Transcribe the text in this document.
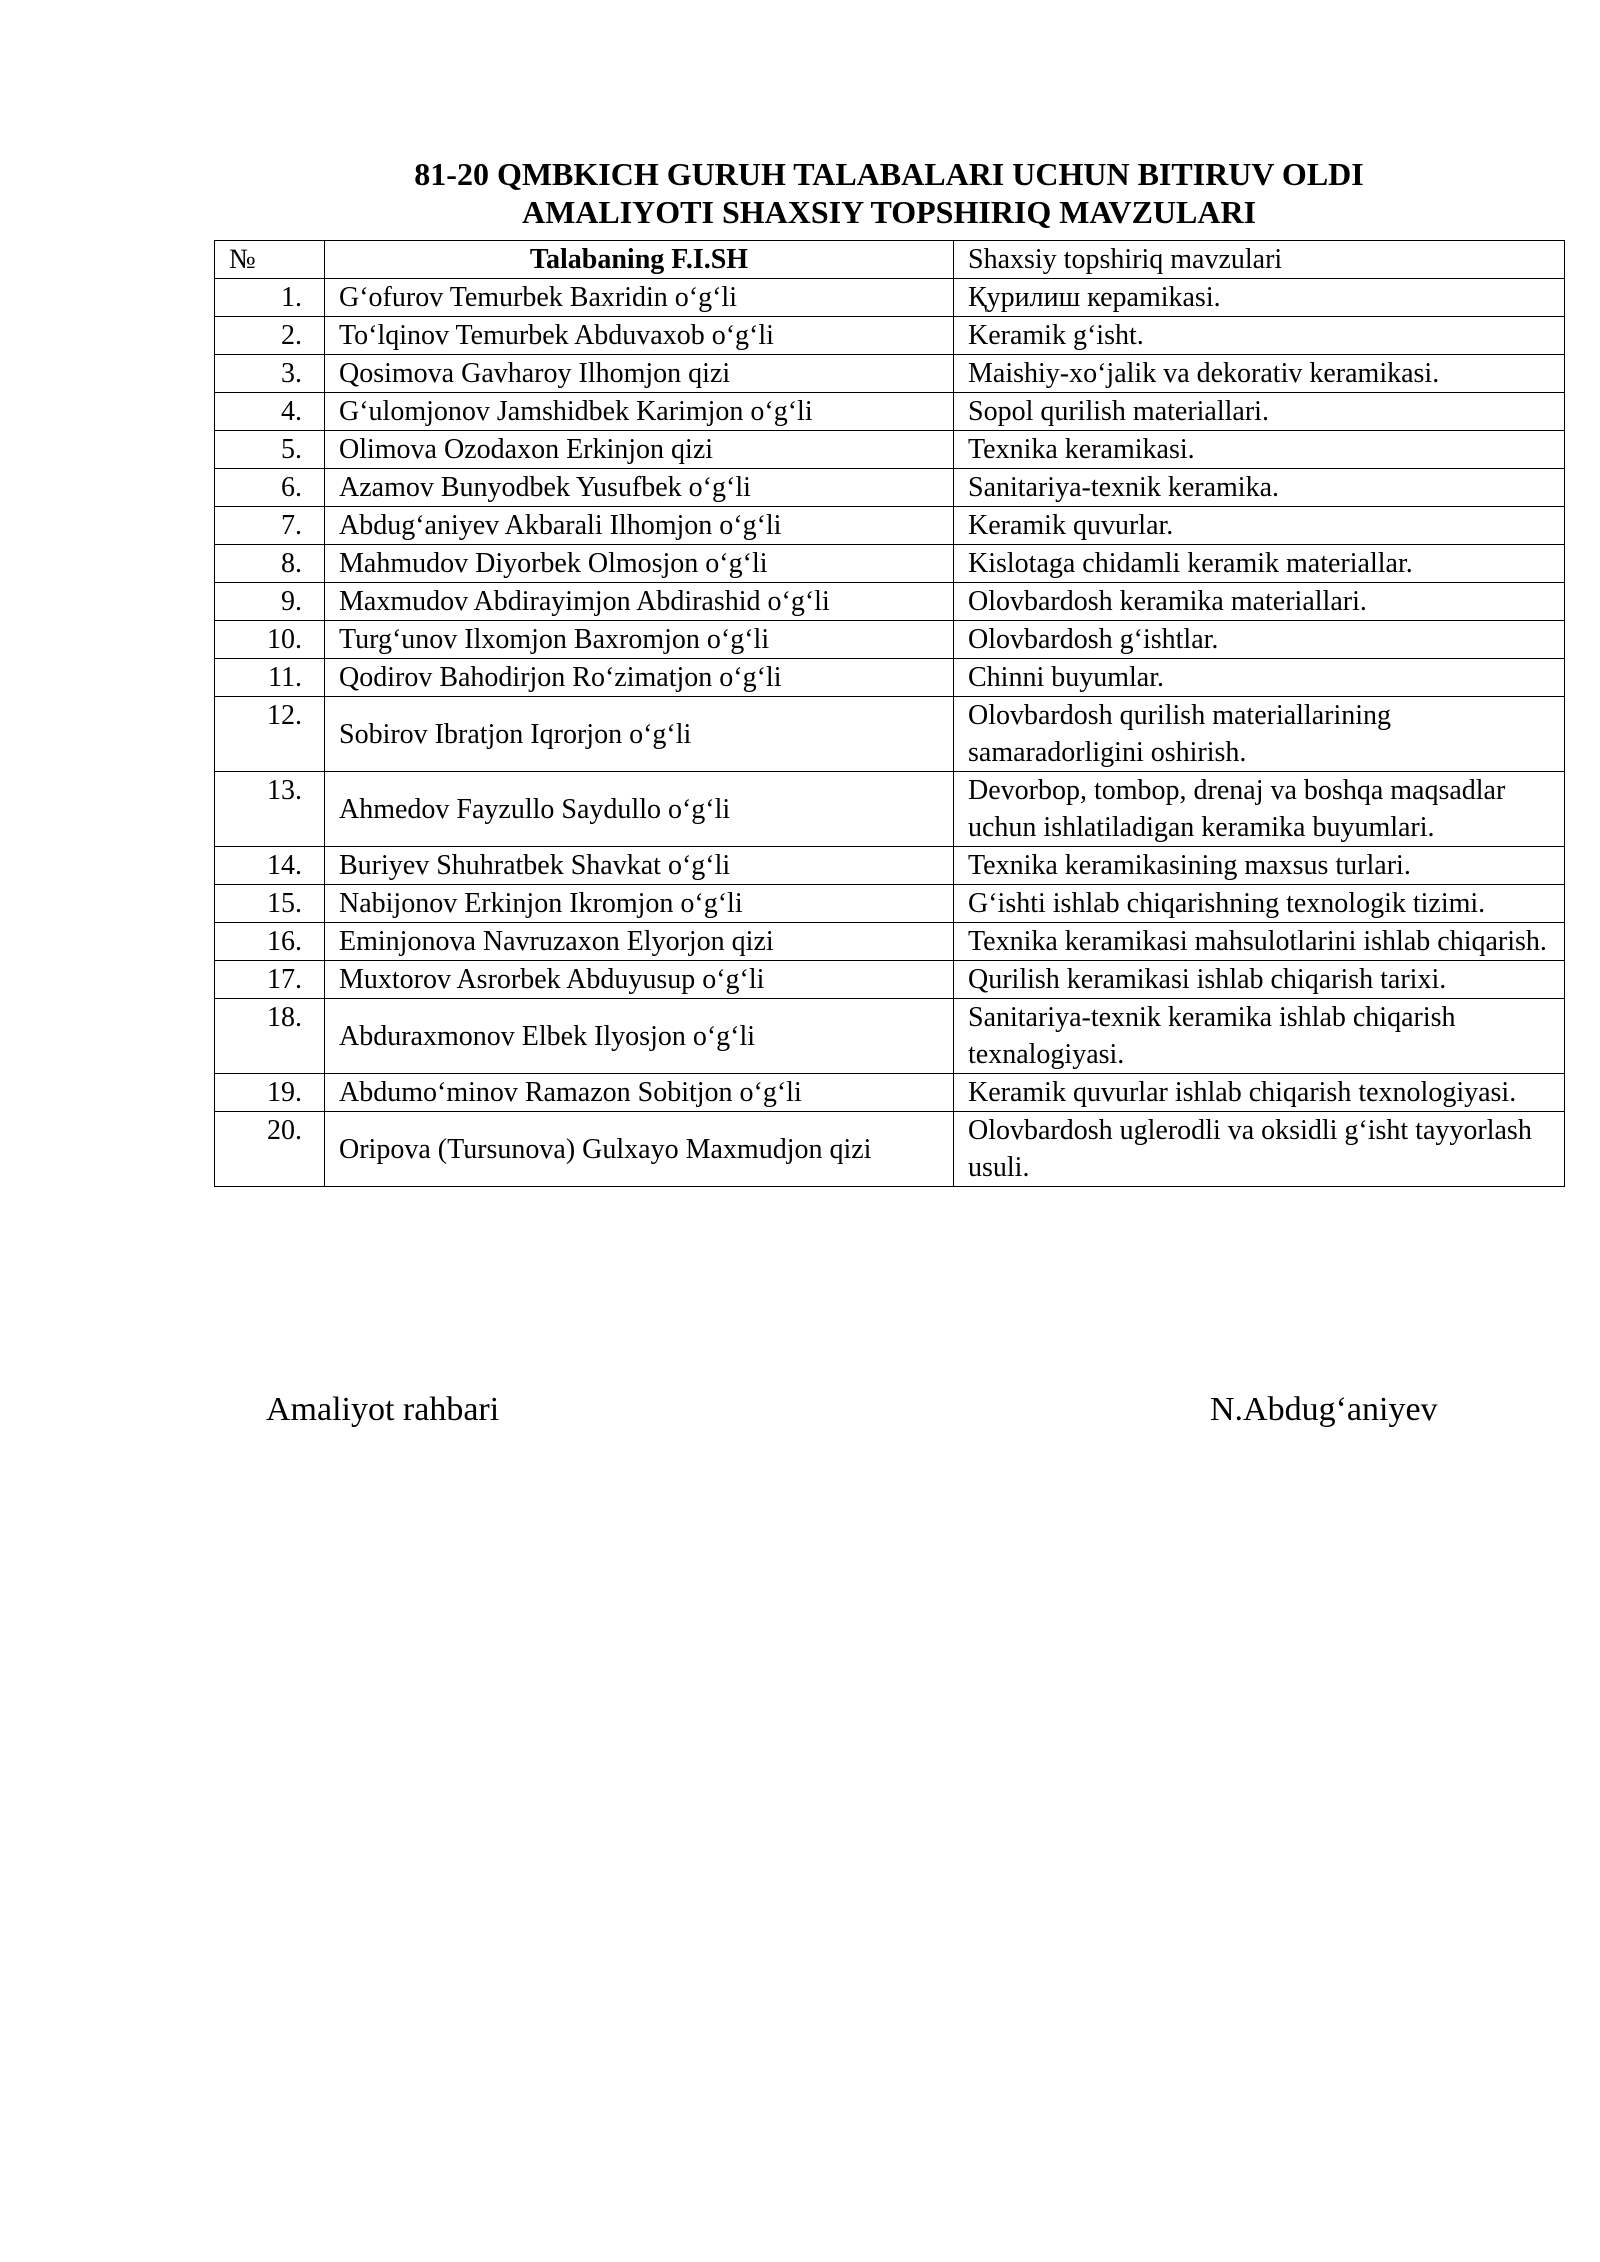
81-20 QMBKICH GURUH TALABALARI UCHUN BITIRUV OLDI
AMALIYOTI SHAXSIY TOPSHIRIQ MAVZULARI
№	Talabaning F.I.SH	Shaxsiy topshiriq mavzulari
1.	G‘ofurov Temurbek Baxridin o‘g‘li	Қурилиш керamikasi.
2.	To‘lqinov Temurbek Abduvaxob o‘g‘li	Keramik g‘isht.
3.	Qosimova Gavharoy Ilhomjon qizi	Maishiy-xo‘jalik va dekorativ keramikasi.
4.	G‘ulomjonov Jamshidbek Karimjon o‘g‘li	Sopol qurilish materiallari.
5.	Olimova Ozodaxon Erkinjon qizi	Texnika keramikasi.
6.	Azamov Bunyodbek Yusufbek o‘g‘li	Sanitariya-texnik keramika.
7.	Abdug‘aniyev Akbarali Ilhomjon o‘g‘li	Keramik quvurlar.
8.	Mahmudov Diyorbek Olmosjon o‘g‘li	Kislotaga chidamli keramik materiallar.
9.	Maxmudov Abdirayimjon Abdirashid o‘g‘li	Olovbardosh keramika materiallari.
10.	Turg‘unov Ilxomjon Baxromjon o‘g‘li	Olovbardosh g‘ishtlar.
11.	Qodirov Bahodirjon Ro‘zimatjon o‘g‘li	Chinni buyumlar.
12.	Sobirov Ibratjon Iqrorjon o‘g‘li	Olovbardosh qurilish materiallarining samaradorligini oshirish.
13.	Ahmedov Fayzullo Saydullo o‘g‘li	Devorbop, tombop, drenaj va boshqa maqsadlar uchun ishlatiladigan keramika buyumlari.
14.	Buriyev Shuhratbek Shavkat o‘g‘li	Texnika keramikasining maxsus turlari.
15.	Nabijonov Erkinjon Ikromjon o‘g‘li	G‘ishti ishlab chiqarishning texnologik tizimi.
16.	Eminjonova Navruzaxon Elyorjon qizi	Texnika keramikasi mahsulotlarini ishlab chiqarish.
17.	Muxtorov Asrorbek Abduyusup o‘g‘li	Qurilish keramikasi ishlab chiqarish tarixi.
18.	Abduraxmonov Elbek Ilyosjon o‘g‘li	Sanitariya-texnik keramika ishlab chiqarish texnalogiyasi.
19.	Abdumo‘minov Ramazon Sobitjon o‘g‘li	Keramik quvurlar ishlab chiqarish texnologiyasi.
20.	Oripova (Tursunova) Gulxayo Maxmudjon qizi	Olovbardosh uglerodli va oksidli g‘isht tayyorlash usuli.
Amaliyot rahbari	N.Abdug‘aniyev
